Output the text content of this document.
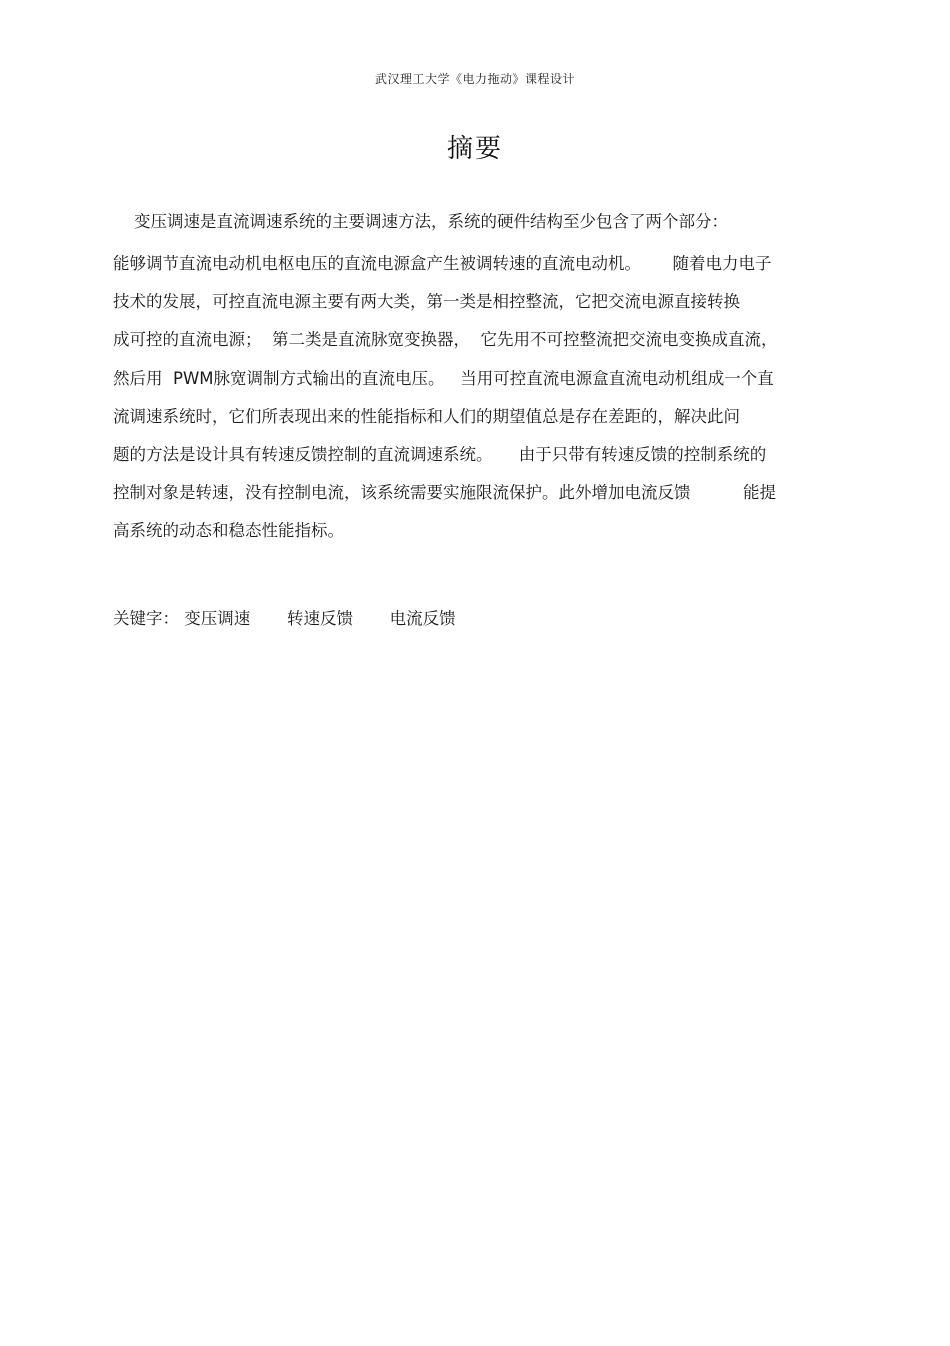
武汉理工大学《电力拖动》课程设计
摘要
变压调速是直流调速系统的主要调速方法，系统的硬件结构至少包含了两个部分：
能够调节直流电动机电枢电压的直流电源盒产生被调转速的直流电动机。      随着电力电子
技术的发展，可控直流电源主要有两大类，第一类是相控整流，它把交流电源直接转换
成可控的直流电源；  第二类是直流脉宽变换器，  它先用不可控整流把交流电变换成直流，
然后用  PWM脉宽调制方式输出的直流电压。   当用可控直流电源盒直流电动机组成一个直
流调速系统时，它们所表现出来的性能指标和人们的期望值总是存在差距的，解决此问
题的方法是设计具有转速反馈控制的直流调速系统。     由于只带有转速反馈的控制系统的
控制对象是转速，没有控制电流，该系统需要实施限流保护。此外增加电流反馈          能提
高系统的动态和稳态性能指标。
关键字： 变压调速       转速反馈       电流反馈
